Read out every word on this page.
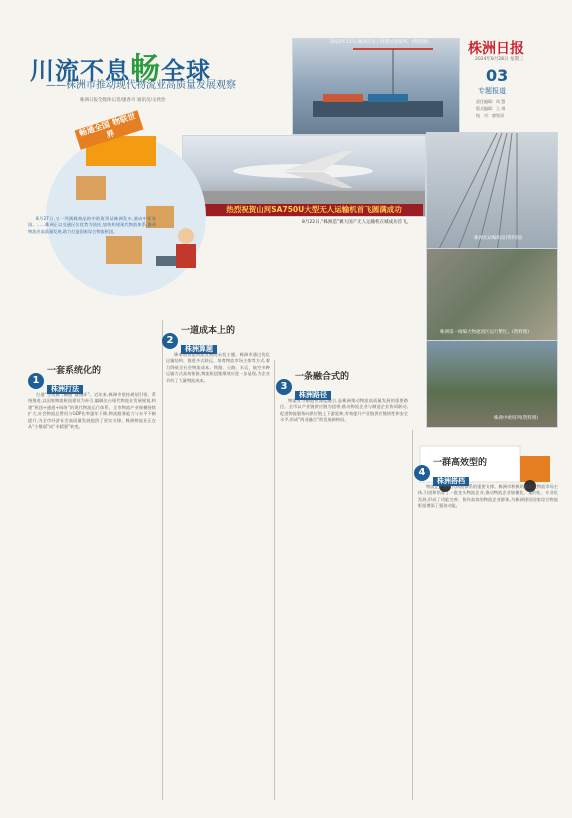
川流不息畅全球
——株洲市推动现代物流业高质量发展观察
株洲日报全媒体记者/廖春卉 通讯员/文欣欣
株洲日报
2024年8月28日 星期三
03
专题报道
责任编辑：周 慧
版式编辑：王 琪
校　对：廖智清
2023年12月,株洲首发上海港过境班列。(资料图)
热烈祝贺山河SA750U大型无人运输机首飞圆满成功
8月22日,“株洲造”翼大国产无人运输机在城成功首飞。
株洲北站编组站(资料图)
株洲第一线编大物流园区运行繁忙。(资料图)
株洲中欧班列(资料图)
畅通全国 物联世界

8月27日,又一列满载商品的中欧班列从株洲发车,驶向中亚各国。……株洲正以交通区位优势为依托,加快构建现代物流体系,推动物流业高质量发展,助力打造国家综合物流枢纽。

1
一套系统化的
株洲打法

打通“主动脉”,畅通“微循环”。近年来,株洲市坚持规划引领、系统推进,以国家物流枢纽建设为牵引,编制出台现代物流业发展规划,构建“枢纽+通道+网络”的现代物流运行体系。全市物流产业规模持续扩大,社会物流总费用与GDP比率逐年下降,物流服务能力与水平不断提升,为全市经济社会高质量发展提供了坚实支撑。株洲物流业正在从“小散弱”向“专精强”转变。

2
一道成本上的
株洲算题

降本增效是物流发展的永恒主题。株洲市通过优化运输结构、推进多式联运、培育物流市场主体等方式,着力降低全社会物流成本。铁路、公路、水运、航空多种运输方式高效衔接,物流枢纽集聚效应进一步显现,为企业节约了大量物流成本。

3
一条融合式的
株洲路径

物流业与制造业深度融合,是株洲推动物流高质量发展的重要路径。全市以产业链供应链为纽带,推动物流企业与制造企业协同联动,促进物流服务向供应链上下游延伸,有效提升产业链供应链韧性和安全水平,形成“两业融合”的发展新格局。

4
一群高效型的
株洲搭档

物流企业是现代物流体系的重要支撑。株洲市积极培育壮大物流市场主体,引进和培育了一批龙头物流企业,推动物流企业规模化、集约化、专业化发展,形成了功能完善、协作高效的物流企业群体,为株洲建设国家综合物流枢纽增添了强劲动能。
